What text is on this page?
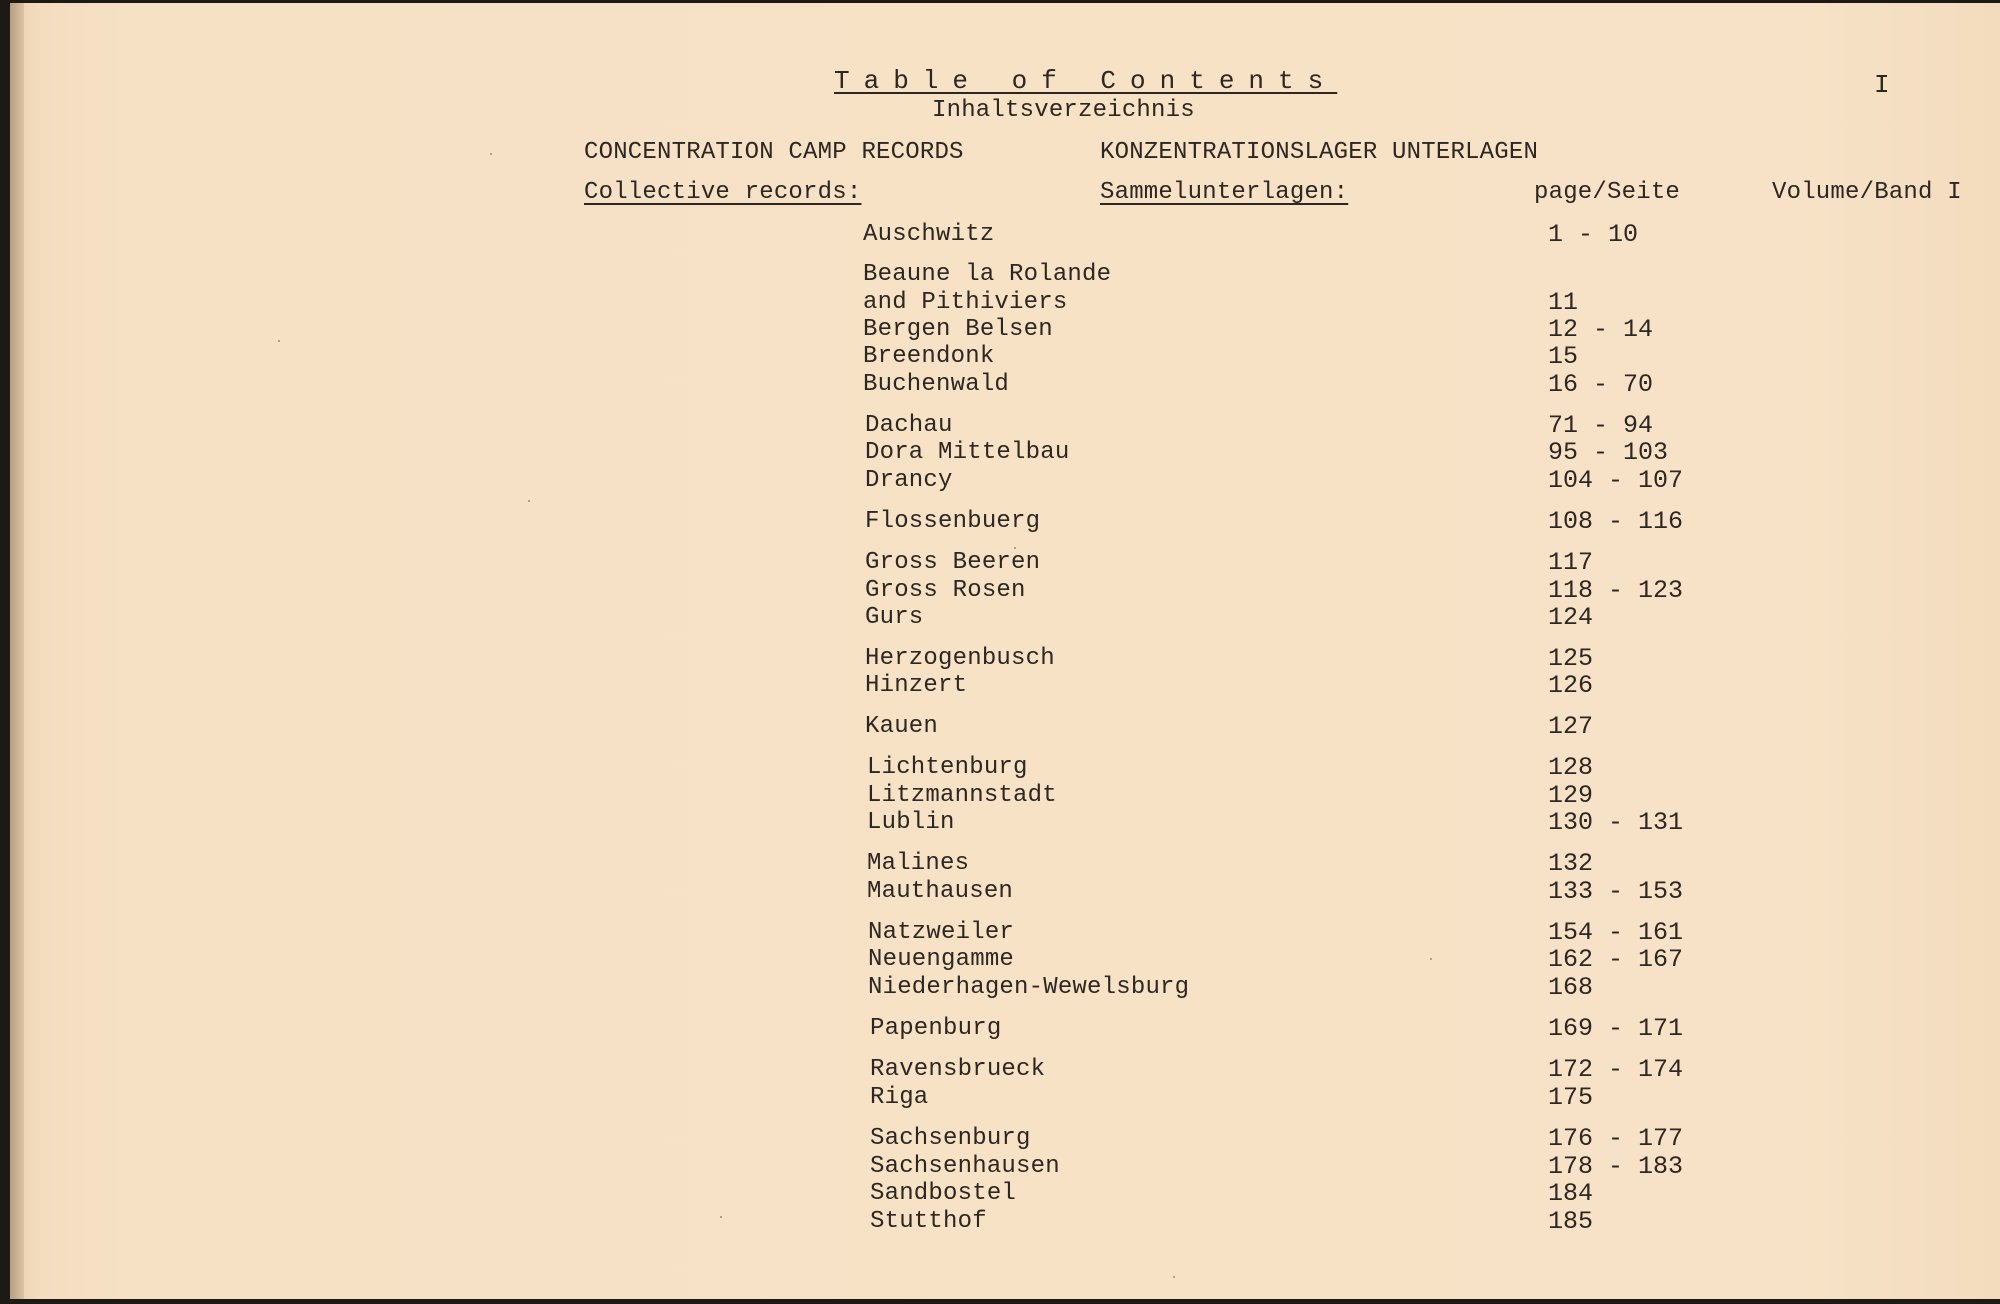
Table of Contents
Inhaltsverzeichnis
I
CONCENTRATION CAMP RECORDS	KONZENTRATIONSLAGER UNTERLAGEN
Collective records:	Sammelunterlagen:	page/Seite	Volume/Band I
Auschwitz	1 - 10
Beaune la Rolande
and Pithiviers	11
Bergen Belsen	12 - 14
Breendonk	15
Buchenwald	16 - 70
Dachau	71 - 94
Dora Mittelbau	95 - 103
Drancy	104 - 107
Flossenbuerg	108 - 116
Gross Beeren	117
Gross Rosen	118 - 123
Gurs	124
Herzogenbusch	125
Hinzert	126
Kauen	127
Lichtenburg	128
Litzmannstadt	129
Lublin	130 - 131
Malines	132
Mauthausen	133 - 153
Natzweiler	154 - 161
Neuengamme	162 - 167
Niederhagen-Wewelsburg	168
Papenburg	169 - 171
Ravensbrueck	172 - 174
Riga	175
Sachsenburg	176 - 177
Sachsenhausen	178 - 183
Sandbostel	184
Stutthof	185
